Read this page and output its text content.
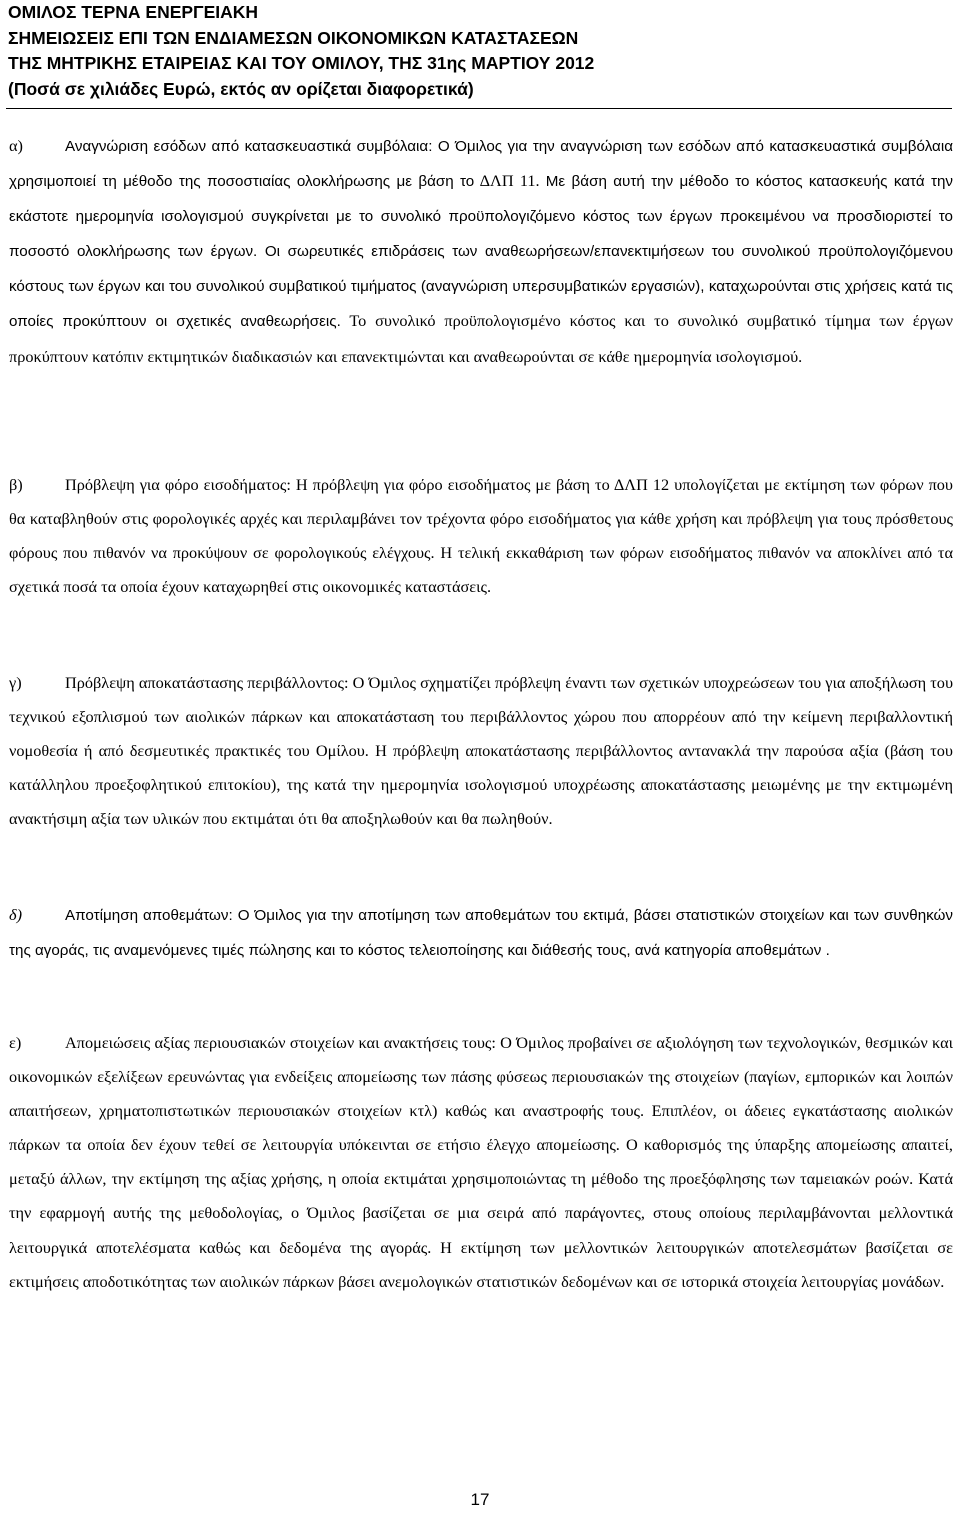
ΟΜΙΛΟΣ ΤΕΡΝΑ ΕΝΕΡΓΕΙΑΚΗ
ΣΗΜΕΙΩΣΕΙΣ ΕΠΙ ΤΩΝ ΕΝΔΙΑΜΕΣΩΝ ΟΙΚΟΝΟΜΙΚΩΝ ΚΑΤΑΣΤΑΣΕΩΝ
ΤΗΣ ΜΗΤΡΙΚΗΣ ΕΤΑΙΡΕΙΑΣ ΚΑΙ ΤΟΥ ΟΜΙΛΟΥ, ΤΗΣ 31ης ΜΑΡΤΙΟΥ 2012
(Ποσά σε χιλιάδες Ευρώ, εκτός αν ορίζεται διαφορετικά)

α)	Αναγνώριση εσόδων από κατασκευαστικά συμβόλαια: Ο Όμιλος για την αναγνώριση των εσόδων από κατασκευαστικά συμβόλαια χρησιμοποιεί τη μέθοδο της ποσοστιαίας ολοκλήρωσης με βάση το ΔΛΠ 11. Με βάση αυτή την μέθοδο το κόστος κατασκευής κατά την εκάστοτε ημερομηνία ισολογισμού συγκρίνεται με το συνολικό προϋπολογιζόμενο κόστος των έργων προκειμένου να προσδιοριστεί το ποσοστό ολοκλήρωσης των έργων. Οι σωρευτικές επιδράσεις των αναθεωρήσεων/επανεκτιμήσεων του συνολικού προϋπολογιζόμενου κόστους των έργων και του συνολικού συμβατικού τιμήματος (αναγνώριση υπερσυμβατικών εργασιών), καταχωρούνται στις χρήσεις κατά τις οποίες προκύπτουν οι σχετικές αναθεωρήσεις. Το συνολικό προϋπολογισμένο κόστος και το συνολικό συμβατικό τίμημα των έργων προκύπτουν κατόπιν εκτιμητικών διαδικασιών και επανεκτιμώνται και αναθεωρούνται σε κάθε ημερομηνία ισολογισμού.

β)	Πρόβλεψη για φόρο εισοδήματος: Η πρόβλεψη για φόρο εισοδήματος με βάση το ΔΛΠ 12 υπολογίζεται με εκτίμηση των φόρων που θα καταβληθούν στις φορολογικές αρχές και περιλαμβάνει τον τρέχοντα φόρο εισοδήματος για κάθε χρήση και πρόβλεψη για τους πρόσθετους φόρους που πιθανόν να προκύψουν σε φορολογικούς ελέγχους. Η τελική εκκαθάριση των φόρων εισοδήματος πιθανόν να αποκλίνει από τα σχετικά ποσά τα οποία έχουν καταχωρηθεί στις οικονομικές καταστάσεις.

γ)	Πρόβλεψη αποκατάστασης περιβάλλοντος: Ο Όμιλος σχηματίζει πρόβλεψη έναντι των σχετικών υποχρεώσεων του για αποξήλωση του τεχνικού εξοπλισμού των αιολικών πάρκων και αποκατάσταση του περιβάλλοντος χώρου που απορρέουν από την κείμενη περιβαλλοντική νομοθεσία ή από δεσμευτικές πρακτικές του Ομίλου. Η πρόβλεψη αποκατάστασης περιβάλλοντος αντανακλά την παρούσα αξία (βάση του κατάλληλου προεξοφλητικού επιτοκίου), της κατά την ημερομηνία ισολογισμού υποχρέωσης αποκατάστασης μειωμένης με την εκτιμωμένη ανακτήσιμη αξία των υλικών που εκτιμάται ότι θα αποξηλωθούν και θα πωληθούν.

δ)	Αποτίμηση αποθεμάτων: Ο Όμιλος για την αποτίμηση των αποθεμάτων του εκτιμά, βάσει στατιστικών στοιχείων και των συνθηκών της αγοράς, τις αναμενόμενες τιμές πώλησης και το κόστος τελειοποίησης και διάθεσής τους, ανά κατηγορία αποθεμάτων .

ε)	Απομειώσεις αξίας περιουσιακών στοιχείων και ανακτήσεις τους: Ο Όμιλος προβαίνει σε αξιολόγηση των τεχνολογικών, θεσμικών και οικονομικών εξελίξεων ερευνώντας για ενδείξεις απομείωσης των πάσης φύσεως περιουσιακών της στοιχείων (παγίων, εμπορικών και λοιπών απαιτήσεων, χρηματοπιστωτικών περιουσιακών στοιχείων κτλ) καθώς και αναστροφής τους. Επιπλέον, οι άδειες εγκατάστασης αιολικών πάρκων τα οποία δεν έχουν τεθεί σε λειτουργία υπόκεινται σε ετήσιο έλεγχο απομείωσης. Ο καθορισμός της ύπαρξης απομείωσης απαιτεί, μεταξύ άλλων, την εκτίμηση της αξίας χρήσης, η οποία εκτιμάται χρησιμοποιώντας τη μέθοδο της προεξόφλησης των ταμειακών ροών. Κατά την εφαρμογή αυτής της μεθοδολογίας, ο Όμιλος βασίζεται σε μια σειρά από παράγοντες, στους οποίους περιλαμβάνονται μελλοντικά λειτουργικά αποτελέσματα καθώς και δεδομένα της αγοράς. Η εκτίμηση των μελλοντικών λειτουργικών αποτελεσμάτων βασίζεται σε εκτιμήσεις αποδοτικότητας των αιολικών πάρκων βάσει ανεμολογικών στατιστικών δεδομένων και σε ιστορικά στοιχεία λειτουργίας μονάδων.

17
